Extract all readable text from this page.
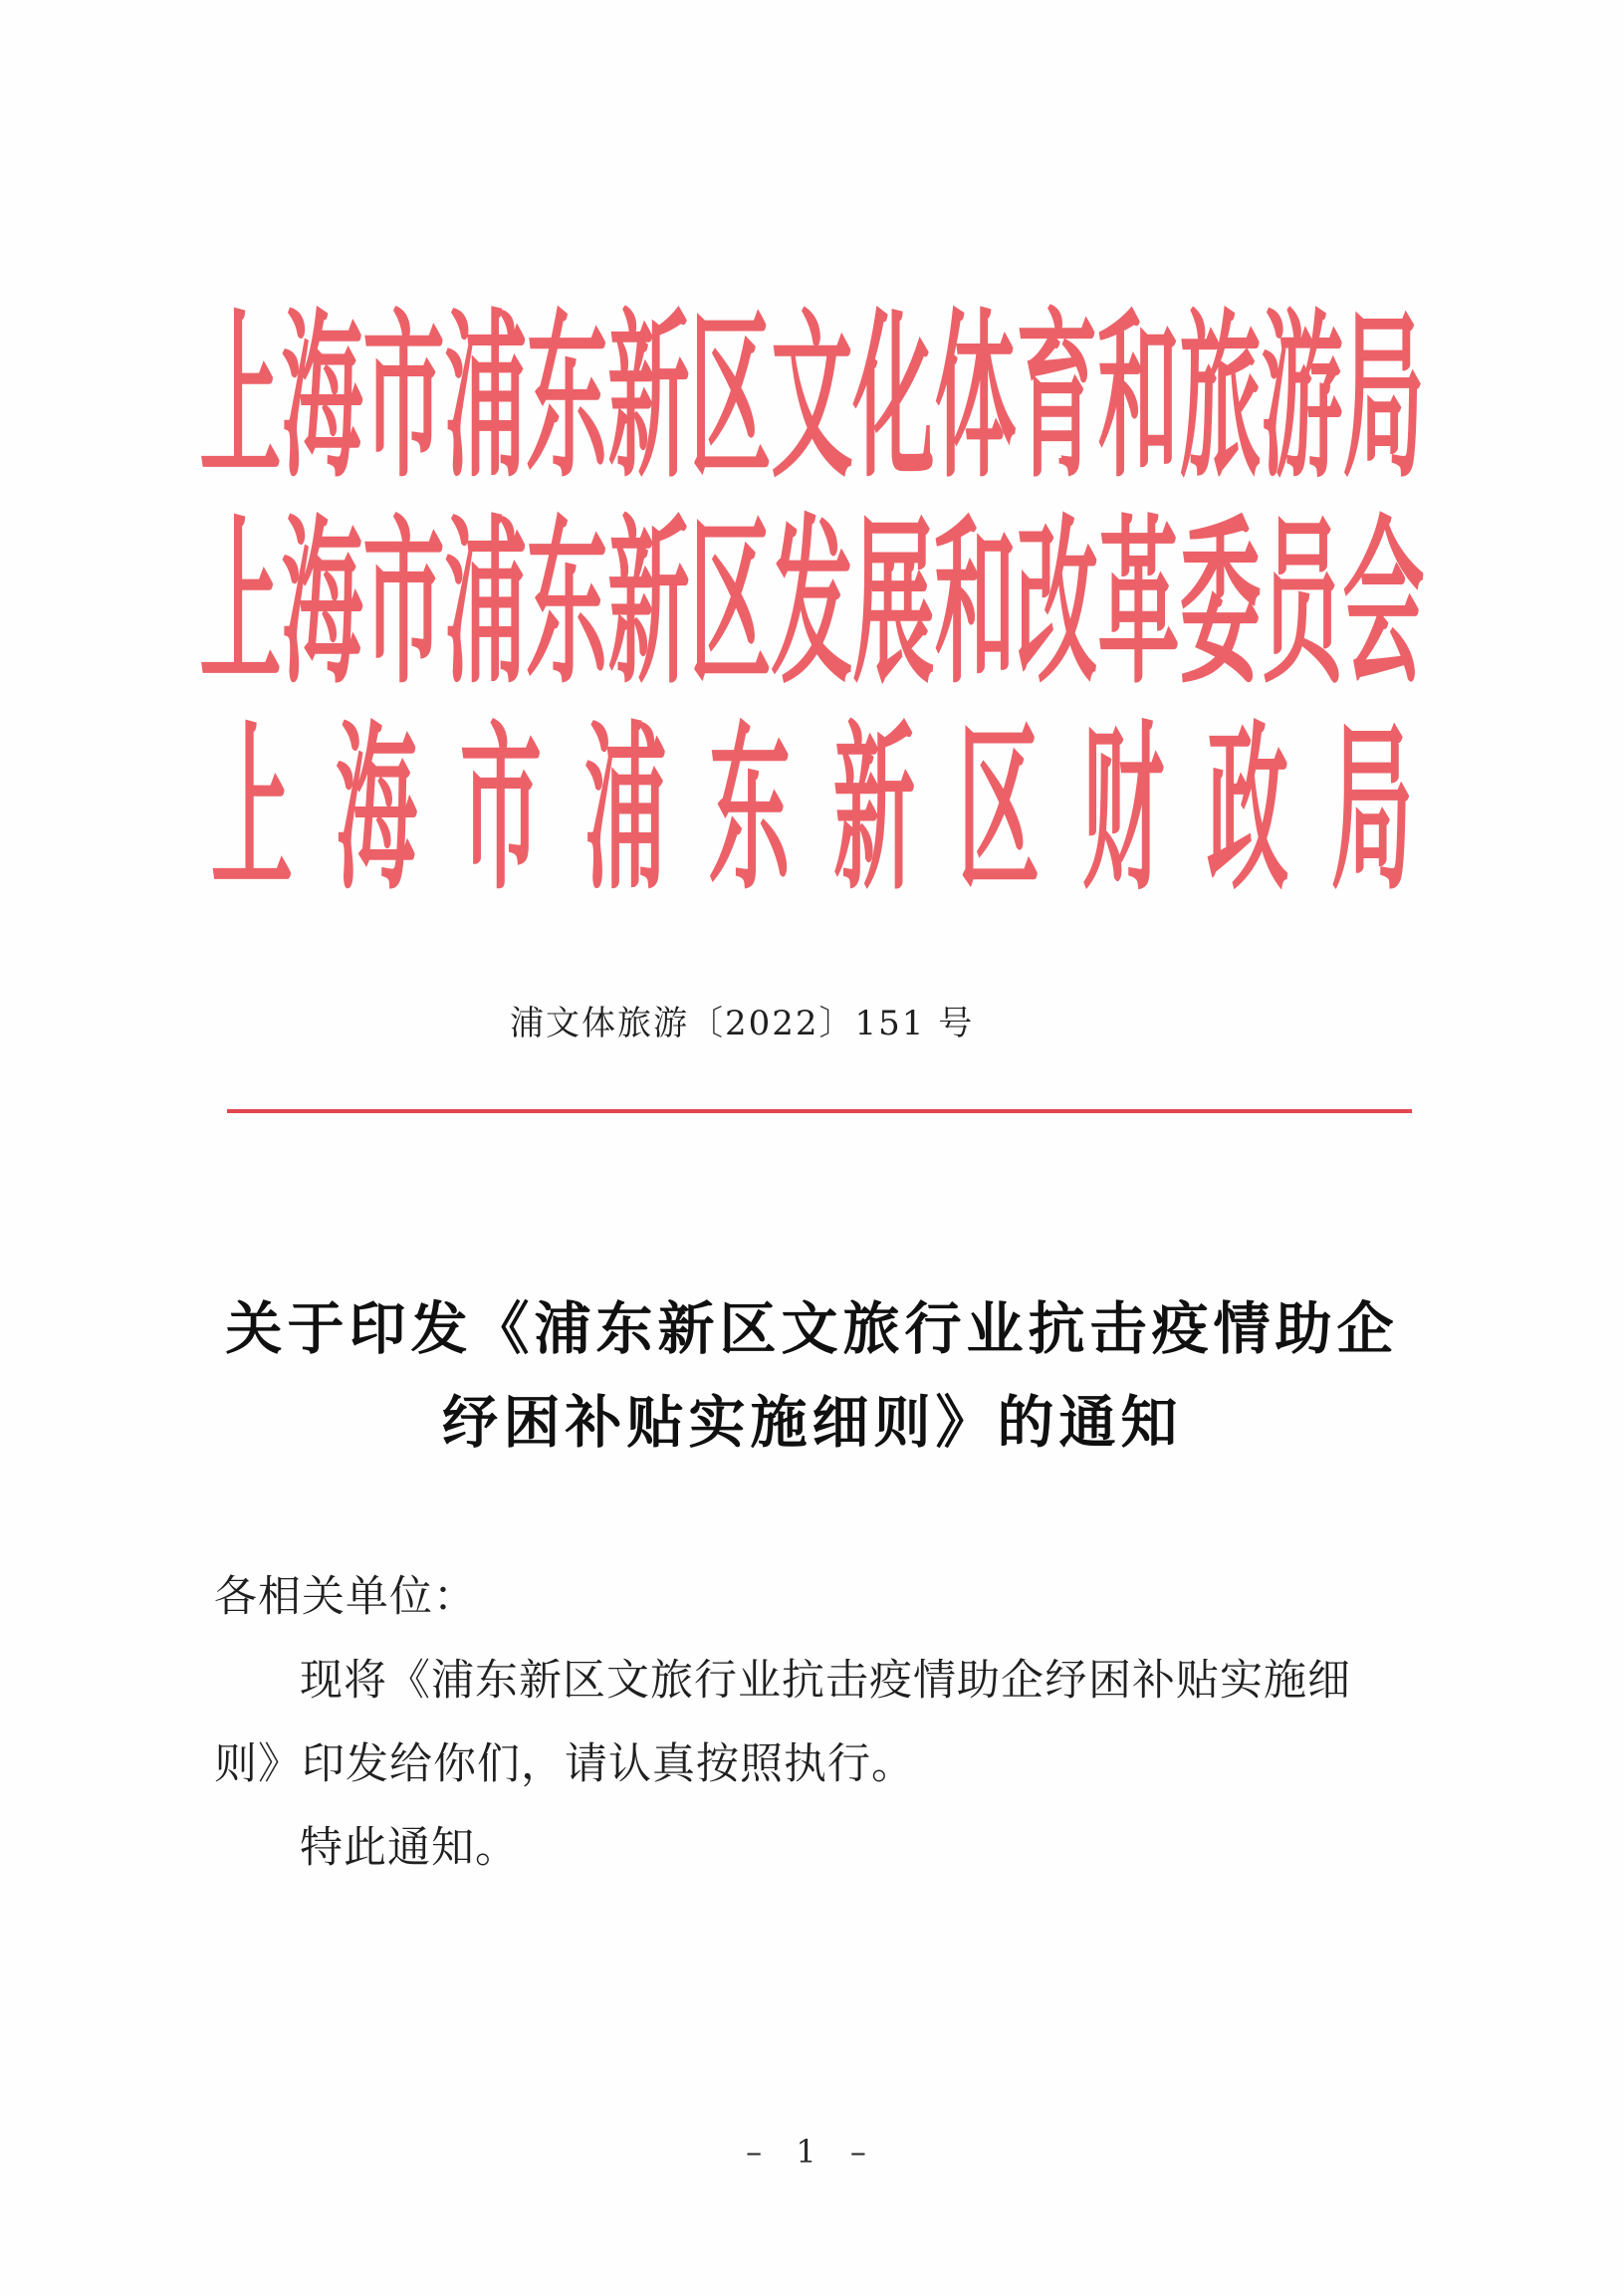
上海市浦东新区文化体育和旅游局
上海市浦东新区发展和改革委员会
上海市浦东新区财政局
浦文体旅游〔2022〕151 号
关于印发《浦东新区文旅行业抗击疫情助企
纾困补贴实施细则》的通知
各相关单位：
现将《浦东新区文旅行业抗击疫情助企纾困补贴实施细
则》印发给你们，请认真按照执行。
特此通知。
– 1 –
